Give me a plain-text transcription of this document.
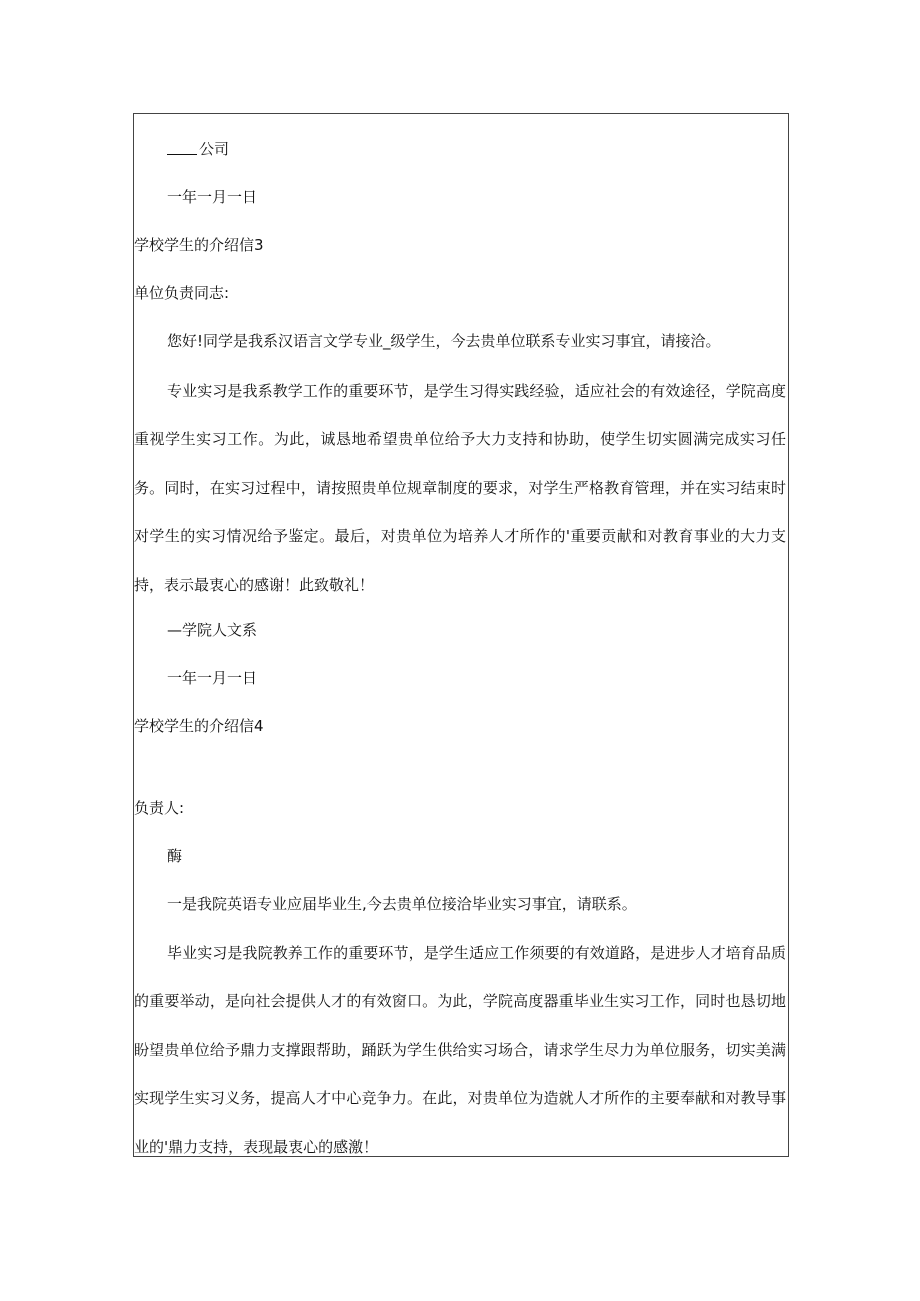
公司
一年一月一日
学校学生的介绍信3
单位负责同志:
您好!同学是我系汉语言文学专业_级学生，今去贵单位联系专业实习事宜，请接洽。

专业实习是我系教学工作的重要环节，是学生习得实践经验，适应社会的有效途径，学院高度重视学生实习工作。为此，诚恳地希望贵单位给予大力支持和协助，使学生切实圆满完成实习任务。同时，在实习过程中，请按照贵单位规章制度的要求，对学生严格教育管理，并在实习结束时对学生的实习情况给予鉴定。最后，对贵单位为培养人才所作的'重要贡献和对教育事业的大力支持，表示最衷心的感谢！此致敬礼！

—学院人文系
一年一月一日
学校学生的介绍信4
负责人:
酶
一是我院英语专业应届毕业生,今去贵单位接洽毕业实习事宜，请联系。

毕业实习是我院教养工作的重要环节，是学生适应工作须要的有效道路，是进步人才培育品质的重要举动，是向社会提供人才的有效窗口。为此，学院高度器重毕业生实习工作，同时也恳切地盼望贵单位给予鼎力支撑跟帮助，踊跃为学生供给实习场合，请求学生尽力为单位服务，切实美满实现学生实习义务，提高人才中心竞争力。在此，对贵单位为造就人才所作的主要奉献和对教导事业的'鼎力支持，表现最衷心的感激！
